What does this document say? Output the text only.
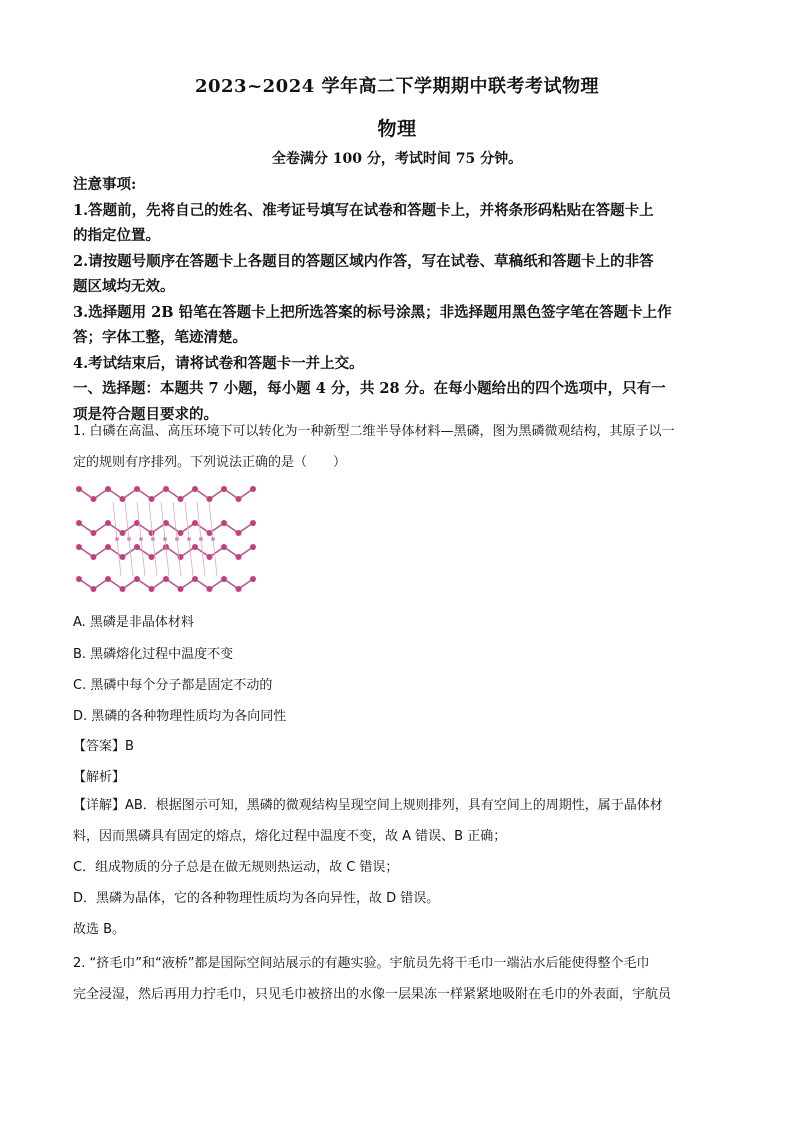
2023~2024 学年高二下学期期中联考考试物理
物理
全卷满分 100 分，考试时间 75 分钟。
注意事项:
1.答题前，先将自己的姓名、准考证号填写在试卷和答题卡上，并将条形码粘贴在答题卡上
的指定位置。
2.请按题号顺序在答题卡上各题目的答题区域内作答，写在试卷、草稿纸和答题卡上的非答
题区域均无效。
3.选择题用 2B 铅笔在答题卡上把所选答案的标号涂黑；非选择题用黑色签字笔在答题卡上作
答；字体工整，笔迹清楚。
4.考试结束后，请将试卷和答题卡一并上交。
一、选择题：本题共 7 小题，每小题 4 分，共 28 分。在每小题给出的四个选项中，只有一
项是符合题目要求的。
1. 白磷在高温、高压环境下可以转化为一种新型二维半导体材料—黑磷，图为黑磷微观结构，其原子以一
定的规则有序排列。下列说法正确的是（　　）
A. 黑磷是非晶体材料
B. 黑磷熔化过程中温度不变
C. 黑磷中每个分子都是固定不动的
D. 黑磷的各种物理性质均为各向同性
【答案】B
【解析】
【详解】AB．根据图示可知，黑磷的微观结构呈现空间上规则排列，具有空间上的周期性，属于晶体材
料，因而黑磷具有固定的熔点，熔化过程中温度不变，故 A 错误、B 正确；
C．组成物质的分子总是在做无规则热运动，故 C 错误；
D．黑磷为晶体，它的各种物理性质均为各向异性，故 D 错误。
故选 B。
2. “挤毛巾”和“液桥”都是国际空间站展示的有趣实验。宇航员先将干毛巾一端沾水后能使得整个毛巾
完全浸湿，然后再用力拧毛巾，只见毛巾被挤出的水像一层果冻一样紧紧地吸附在毛巾的外表面，宇航员
